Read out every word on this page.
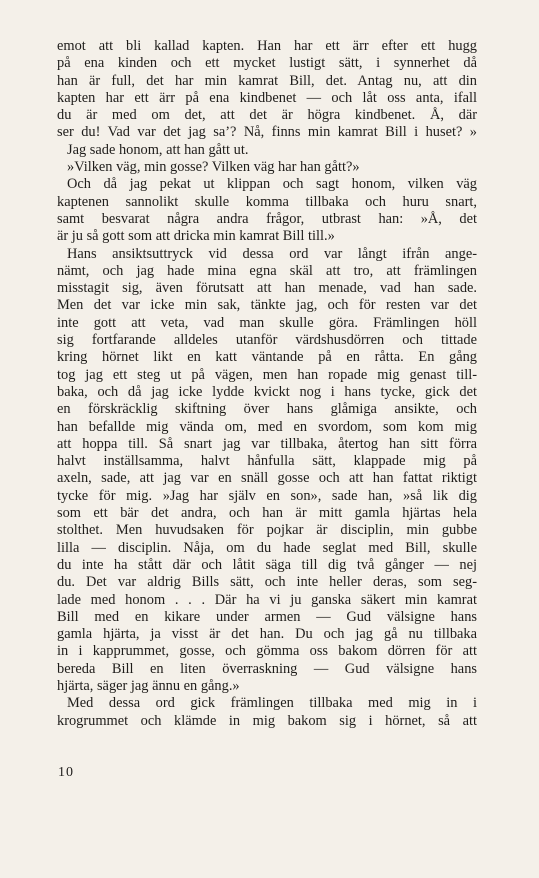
emot att bli kallad kapten. Han har ett ärr efter ett hugg
på ena kinden och ett mycket lustigt sätt, i synnerhet då
han är full, det har min kamrat Bill, det. Antag nu, att din
kapten har ett ärr på ena kindbenet — och låt oss anta, ifall
du är med om det, att det är högra kindbenet. Å, där
ser du! Vad var det jag sa’? Nå, finns min kamrat Bill i huset? »
Jag sade honom, att han gått ut.
»Vilken väg, min gosse? Vilken väg har han gått?»
Och då jag pekat ut klippan och sagt honom, vilken väg
kaptenen sannolikt skulle komma tillbaka och huru snart,
samt besvarat några andra frågor, utbrast han: »Å, det
är ju så gott som att dricka min kamrat Bill till.»
Hans ansiktsuttryck vid dessa ord var långt ifrån ange-
nämt, och jag hade mina egna skäl att tro, att främlingen
misstagit sig, även förutsatt att han menade, vad han sade.
Men det var icke min sak, tänkte jag, och för resten var det
inte gott att veta, vad man skulle göra. Främlingen höll
sig fortfarande alldeles utanför värdshusdörren och tittade
kring hörnet likt en katt väntande på en råtta. En gång
tog jag ett steg ut på vägen, men han ropade mig genast till-
baka, och då jag icke lydde kvickt nog i hans tycke, gick det
en förskräcklig skiftning över hans glåmiga ansikte, och
han befallde mig vända om, med en svordom, som kom mig
att hoppa till. Så snart jag var tillbaka, återtog han sitt förra
halvt inställsamma, halvt hånfulla sätt, klappade mig på
axeln, sade, att jag var en snäll gosse och att han fattat riktigt
tycke för mig. »Jag har själv en son», sade han, »så lik dig
som ett bär det andra, och han är mitt gamla hjärtas hela
stolthet. Men huvudsaken för pojkar är disciplin, min gubbe
lilla — disciplin. Nåja, om du hade seglat med Bill, skulle
du inte ha stått där och låtit säga till dig två gånger — nej
du. Det var aldrig Bills sätt, och inte heller deras, som seg-
lade med honom . . . Där ha vi ju ganska säkert min kamrat
Bill med en kikare under armen — Gud välsigne hans
gamla hjärta, ja visst är det han. Du och jag gå nu tillbaka
in i kapprummet, gosse, och gömma oss bakom dörren för att
bereda Bill en liten överraskning — Gud välsigne hans
hjärta, säger jag ännu en gång.»
Med dessa ord gick främlingen tillbaka med mig in i
krogrummet och klämde in mig bakom sig i hörnet, så att
10
